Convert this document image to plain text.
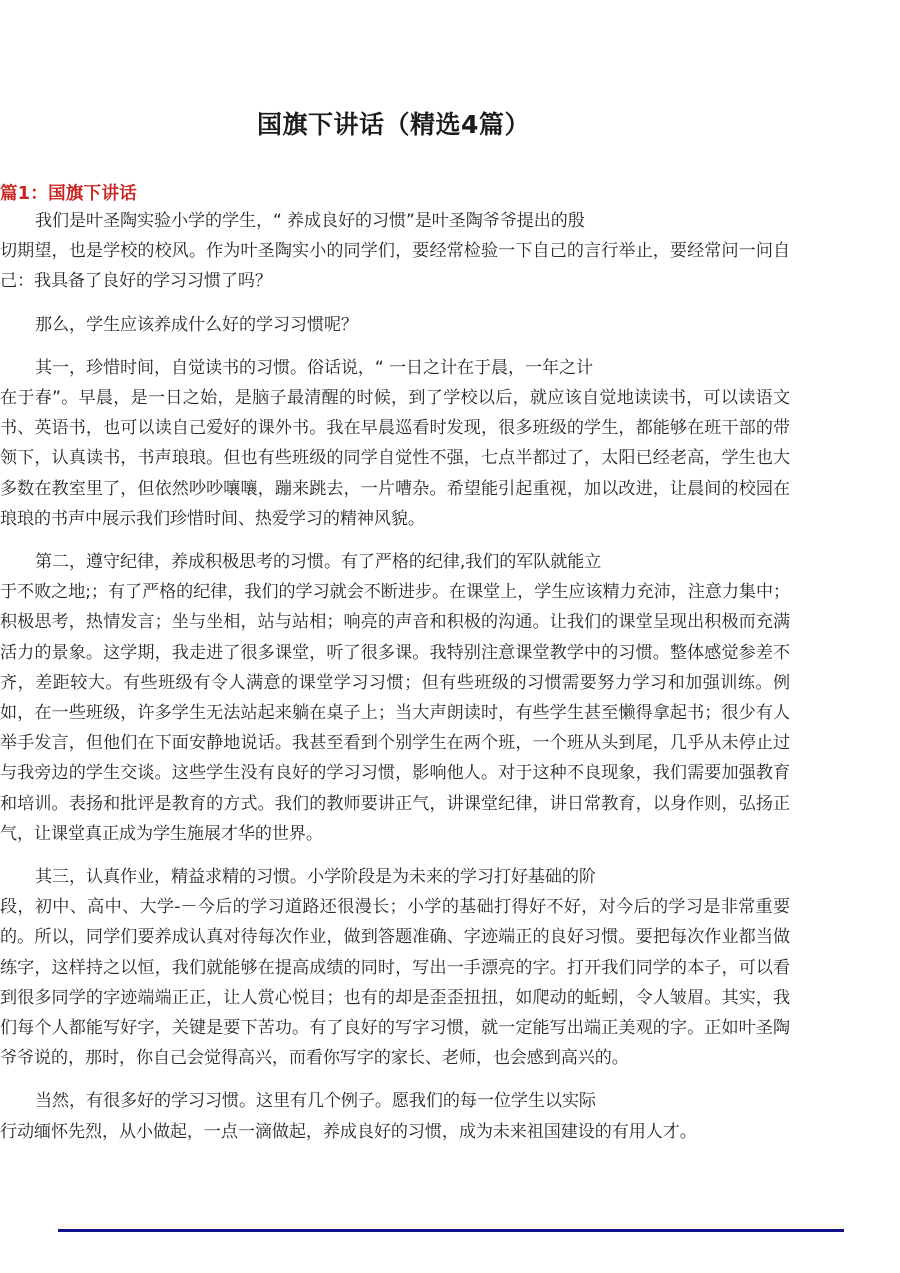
国旗下讲话（精选4篇）
篇1：国旗下讲话

我们是叶圣陶实验小学的学生，“ 养成良好的习惯”是叶圣陶爷爷提出的殷
切期望，也是学校的校风。作为叶圣陶实小的同学们，要经常检验一下自己的言行举止，要经常问一问自己：我具备了良好的学习习惯了吗？

那么，学生应该养成什么好的学习习惯呢？

其一，珍惜时间，自觉读书的习惯。俗话说，“ 一日之计在于晨，一年之计
在于春”。早晨，是一日之始，是脑子最清醒的时候，到了学校以后，就应该自觉地读读书，可以读语文书、英语书，也可以读自己爱好的课外书。我在早晨巡看时发现，很多班级的学生，都能够在班干部的带领下，认真读书，书声琅琅。但也有些班级的同学自觉性不强，七点半都过了，太阳已经老高，学生也大多数在教室里了，但依然吵吵嚷嚷，蹦来跳去，一片嘈杂。希望能引起重视，加以改进，让晨间的校园在琅琅的书声中展示我们珍惜时间、热爱学习的精神风貌。

第二，遵守纪律，养成积极思考的习惯。有了严格的纪律,我们的军队就能立
于不败之地;；有了严格的纪律，我们的学习就会不断进步。在课堂上，学生应该精力充沛，注意力集中；积极思考，热情发言；坐与坐相，站与站相；响亮的声音和积极的沟通。让我们的课堂呈现出积极而充满活力的景象。这学期，我走进了很多课堂，听了很多课。我特别注意课堂教学中的习惯。整体感觉参差不齐，差距较大。有些班级有令人满意的课堂学习习惯；但有些班级的习惯需要努力学习和加强训练。例如，在一些班级，许多学生无法站起来躺在桌子上；当大声朗读时，有些学生甚至懒得拿起书；很少有人举手发言，但他们在下面安静地说话。我甚至看到个别学生在两个班，一个班从头到尾，几乎从未停止过与我旁边的学生交谈。这些学生没有良好的学习习惯，影响他人。对于这种不良现象，我们需要加强教育和培训。表扬和批评是教育的方式。我们的教师要讲正气，讲课堂纪律，讲日常教育，以身作则，弘扬正气，让课堂真正成为学生施展才华的世界。

其三，认真作业，精益求精的习惯。小学阶段是为未来的学习打好基础的阶
段，初中、高中、大学-－今后的学习道路还很漫长；小学的基础打得好不好，对今后的学习是非常重要的。所以，同学们要养成认真对待每次作业，做到答题准确、字迹端正的良好习惯。要把每次作业都当做练字，这样持之以恒，我们就能够在提高成绩的同时，写出一手漂亮的字。打开我们同学的本子，可以看到很多同学的字迹端端正正，让人赏心悦目；也有的却是歪歪扭扭，如爬动的蚯蚓，令人皱眉。其实，我们每个人都能写好字，关键是要下苦功。有了良好的写字习惯，就一定能写出端正美观的字。正如叶圣陶爷爷说的，那时，你自己会觉得高兴，而看你写字的家长、老师，也会感到高兴的。

当然，有很多好的学习习惯。这里有几个例子。愿我们的每一位学生以实际
行动缅怀先烈，从小做起，一点一滴做起，养成良好的习惯，成为未来祖国建设的有用人才。
